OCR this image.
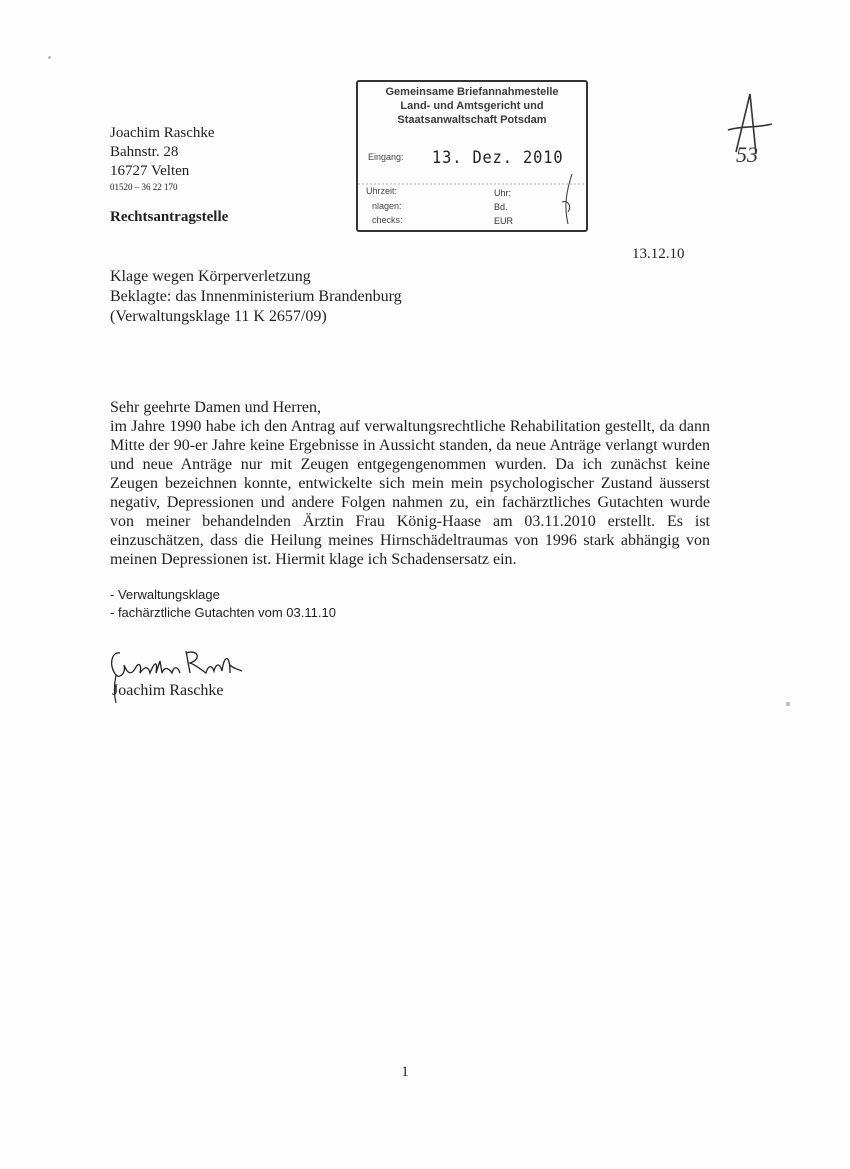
Joachim Raschke
Bahnstr. 28
16727 Velten
01520 – 36 22 170
Rechtsantragstelle
Gemeinsame Briefannahmestelle
Land- und Amtsgericht und
Staatsanwaltschaft Potsdam
Eingang: 13. Dez. 2010
Uhrzeit:
nlagen:
checks:
Uhr:
Bd.
EUR
53
13.12.10
Klage wegen Körperverletzung
Beklagte: das Innenministerium Brandenburg
(Verwaltungsklage 11 K 2657/09)

Sehr geehrte Damen und Herren,

im Jahre 1990 habe ich den Antrag auf verwaltungsrechtliche Rehabilitation gestellt, da dann Mitte der 90-er Jahre keine Ergebnisse in Aussicht standen, da neue Anträge verlangt wurden und neue Anträge nur mit Zeugen entgegengenommen wurden. Da ich zunächst keine Zeugen bezeichnen konnte, entwickelte sich mein mein psychologischer Zustand äusserst negativ, Depressionen und andere Folgen nahmen zu, ein fachärztliches Gutachten wurde von meiner behandelnden Ärztin Frau König-Haase am 03.11.2010 erstellt. Es ist einzuschätzen, dass die Heilung meines Hirnschädeltraumas von 1996 stark abhängig von meinen Depressionen ist. Hiermit klage ich Schadensersatz ein.

- Verwaltungsklage
- fachärztliche Gutachten vom 03.11.10
Joachim Raschke
1
